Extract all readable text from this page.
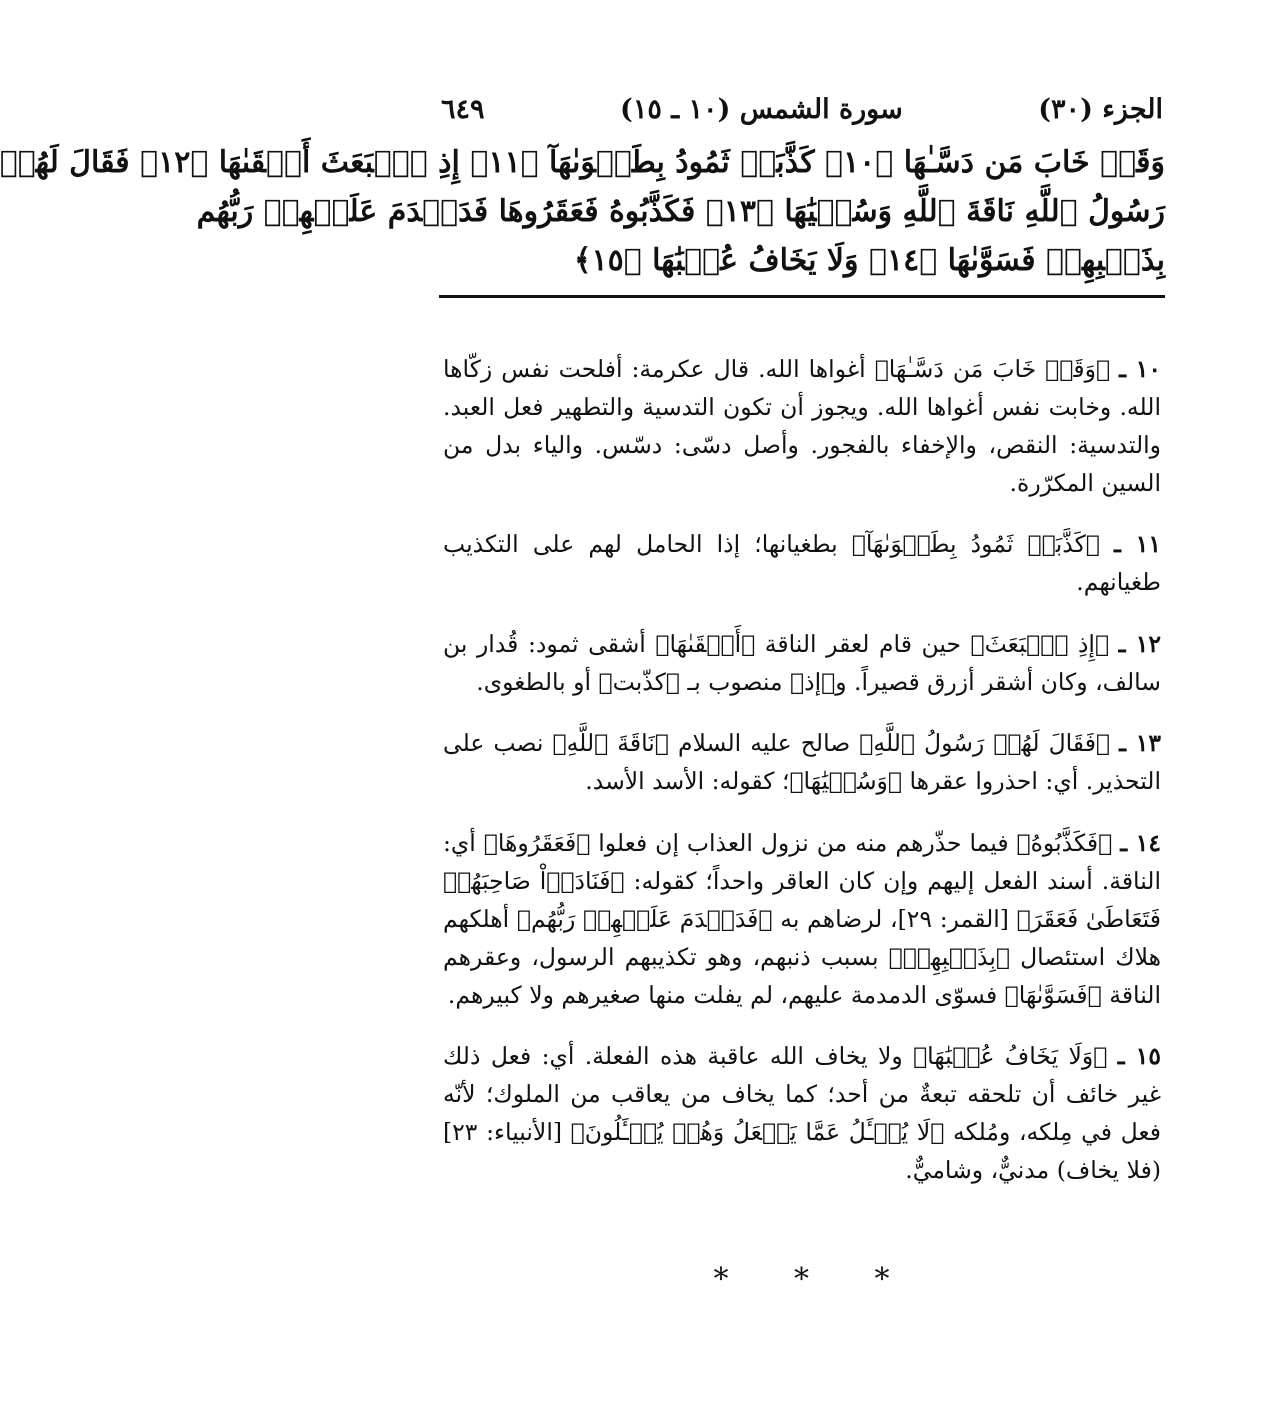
الجزء (٣٠)
سورة الشمس (١٠ ـ ١٥)
٦٤٩
وَقَدۡ خَابَ مَن دَسَّـٰهَا ﴿١٠﴾ كَذَّبَتۡ ثَمُودُ بِطَغۡوَىٰهَآ ﴿١١﴾ إِذِ ٱنۢبَعَثَ أَشۡقَىٰهَا ﴿١٢﴾ فَقَالَ لَهُمۡ
رَسُولُ ٱللَّهِ نَاقَةَ ٱللَّهِ وَسُقۡيَٰهَا ﴿١٣﴾ فَكَذَّبُوهُ فَعَقَرُوهَا فَدَمۡدَمَ عَلَيۡهِمۡ رَبُّهُم
بِذَنۢبِهِمۡ فَسَوَّىٰهَا ﴿١٤﴾ وَلَا يَخَافُ عُقۡبَٰهَا ﴿١٥﴾

١٠ ـ ﴿وَقَدۡ خَابَ مَن دَسَّـٰهَا﴾ أغواها الله. قال عكرمة: أفلحت نفس زكّاها الله. وخابت نفس أغواها الله. ويجوز أن تكون التدسية والتطهير فعل العبد. والتدسية: النقص، والإخفاء بالفجور. وأصل دسّى: دسّس. والياء بدل من السين المكرّرة.

١١ ـ ﴿كَذَّبَتۡ ثَمُودُ بِطَغۡوَىٰهَآ﴾ بطغيانها؛ إذا الحامل لهم على التكذيب طغيانهم.

١٢ ـ ﴿إِذِ ٱنۢبَعَثَ﴾ حين قام لعقر الناقة ﴿أَشۡقَىٰهَا﴾ أشقى ثمود: قُدار بن سالف، وكان أشقر أزرق قصيراً. و﴿إذ﴾ منصوب بـ ﴿كذّبت﴾ أو بالطغوى.

١٣ ـ ﴿فَقَالَ لَهُمۡ رَسُولُ ٱللَّهِ﴾ صالح عليه السلام ﴿نَاقَةَ ٱللَّهِ﴾ نصب على التحذير. أي: احذروا عقرها ﴿وَسُقۡيَٰهَا﴾؛ كقوله: الأسد الأسد.

١٤ ـ ﴿فَكَذَّبُوهُ﴾ فيما حذّرهم منه من نزول العذاب إن فعلوا ﴿فَعَقَرُوهَا﴾ أي: الناقة. أسند الفعل إليهم وإن كان العاقر واحداً؛ كقوله: ﴿فَنَادَوۡاْ صَاحِبَهُمۡ فَتَعَاطَىٰ فَعَقَرَ﴾ [القمر: ٢٩]، لرضاهم به ﴿فَدَمۡدَمَ عَلَيۡهِمۡ رَبُّهُم﴾ أهلكهم هلاك استئصال ﴿بِذَنۢبِهِمۡ﴾ بسبب ذنبهم، وهو تكذيبهم الرسول، وعقرهم الناقة ﴿فَسَوَّىٰهَا﴾ فسوّى الدمدمة عليهم، لم يفلت منها صغيرهم ولا كبيرهم.

١٥ ـ ﴿وَلَا يَخَافُ عُقۡبَٰهَا﴾ ولا يخاف الله عاقبة هذه الفعلة. أي: فعل ذلك غير خائف أن تلحقه تبعةٌ من أحد؛ كما يخاف من يعاقب من الملوك؛ لأنّه فعل في مِلكه، ومُلكه ﴿لَا يُسۡـَٔلُ عَمَّا يَفۡعَلُ وَهُمۡ يُسۡـَٔلُونَ﴾ [الأنبياء: ٢٣] (فلا يخاف) مدنيٌّ، وشاميٌّ.

* * *
